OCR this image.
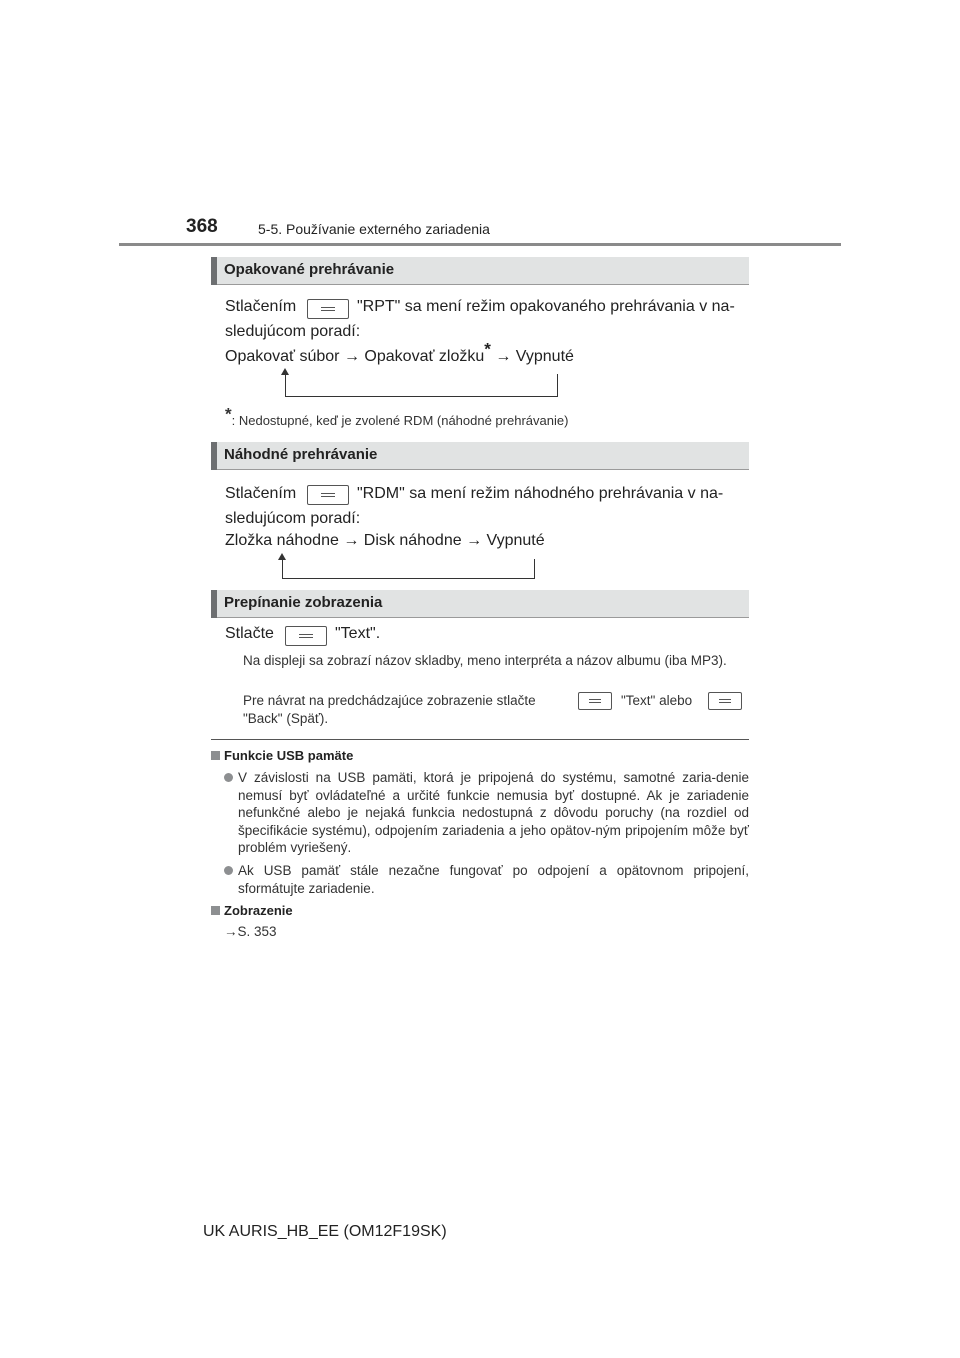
368	5-5. Používanie externého zariadenia
Opakované prehrávanie
Stlačením	"RPT" sa mení režim opakovaného prehrávania v na-
sledujúcom poradí:
Opakovať súbor → Opakovať zložku* → Vypnuté
*: Nedostupné, keď je zvolené RDM (náhodné prehrávanie)
Náhodné prehrávanie
Stlačením	"RDM" sa mení režim náhodného prehrávania v na-
sledujúcom poradí:
Zložka náhodne → Disk náhodne → Vypnuté
Prepínanie zobrazenia
Stlačte	"Text".
Na displeji sa zobrazí názov skladby, meno interpréta a názov albumu (iba MP3).
Pre návrat na predchádzajúce zobrazenie stlačte	"Text" alebo
"Back" (Späť).
Funkcie USB pamäte
V závislosti na USB pamäti, ktorá je pripojená do systému, samotné zaria-denie nemusí byť ovládateľné a určité funkcie nemusia byť dostupné. Ak je zariadenie nefunkčné alebo je nejaká funkcia nedostupná z dôvodu poruchy (na rozdiel od špecifikácie systému), odpojením zariadenia a jeho opätov-ným pripojením môže byť problém vyriešený.
Ak USB pamäť stále nezačne fungovať po odpojení a opätovnom pripojení, sformátujte zariadenie.
Zobrazenie
→S. 353
UK AURIS_HB_EE (OM12F19SK)
